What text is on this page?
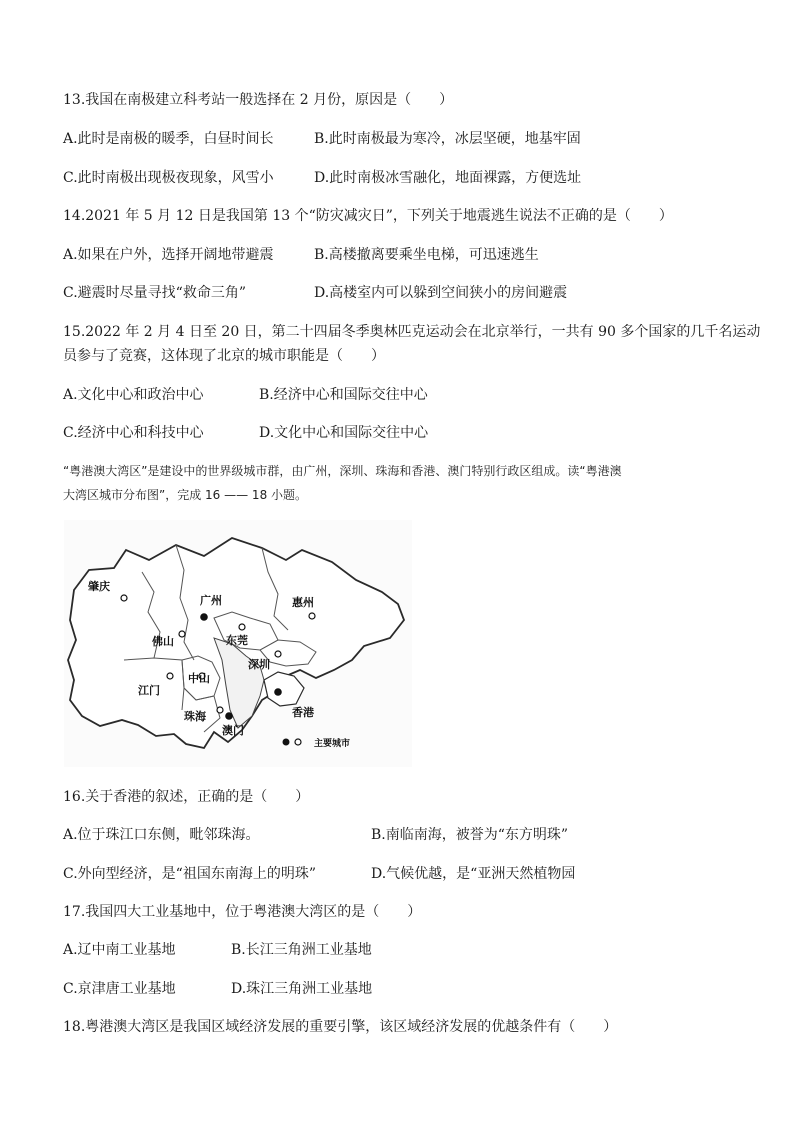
13.我国在南极建立科考站一般选择在 2 月份，原因是（　　）
A.此时是南极的暖季，白昼时间长	B.此时南极最为寒冷，冰层坚硬，地基牢固
C.此时南极出现极夜现象，风雪小	D.此时南极冰雪融化，地面裸露，方便选址
14.2021 年 5 月 12 日是我国第 13 个“防灾减灾日”，下列关于地震逃生说法不正确的是（　　）
A.如果在户外，选择开阔地带避震	B.高楼撤离要乘坐电梯，可迅速逃生
C.避震时尽量寻找“救命三角”	D.高楼室内可以躲到空间狭小的房间避震
15.2022 年 2 月 4 日至 20 日，第二十四届冬季奥林匹克运动会在北京举行，一共有 90 多个国家的几千名运动
员参与了竞赛，这体现了北京的城市职能是（　　）
A.文化中心和政治中心	B.经济中心和国际交往中心
C.经济中心和科技中心	D.文化中心和国际交往中心
“粤港澳大湾区”是建设中的世界级城市群，由广州，深圳、珠海和香港、澳门特别行政区组成。读“粤港澳
大湾区城市分布图”，完成 16 —— 18 小题。
肇庆
广州	惠州
佛山	东莞
深圳
江门
中山
香港
珠海
澳门
主要城市
16.关于香港的叙述，正确的是（　　）
A.位于珠江口东侧，毗邻珠海。	B.南临南海，被誉为“东方明珠”
C.外向型经济，是“祖国东南海上的明珠”	D.气候优越，是“亚洲天然植物园
17.我国四大工业基地中，位于粤港澳大湾区的是（　　）
A.辽中南工业基地	B.长江三角洲工业基地
C.京津唐工业基地	D.珠江三角洲工业基地
18.粤港澳大湾区是我国区域经济发展的重要引擎，该区域经济发展的优越条件有（　　）
